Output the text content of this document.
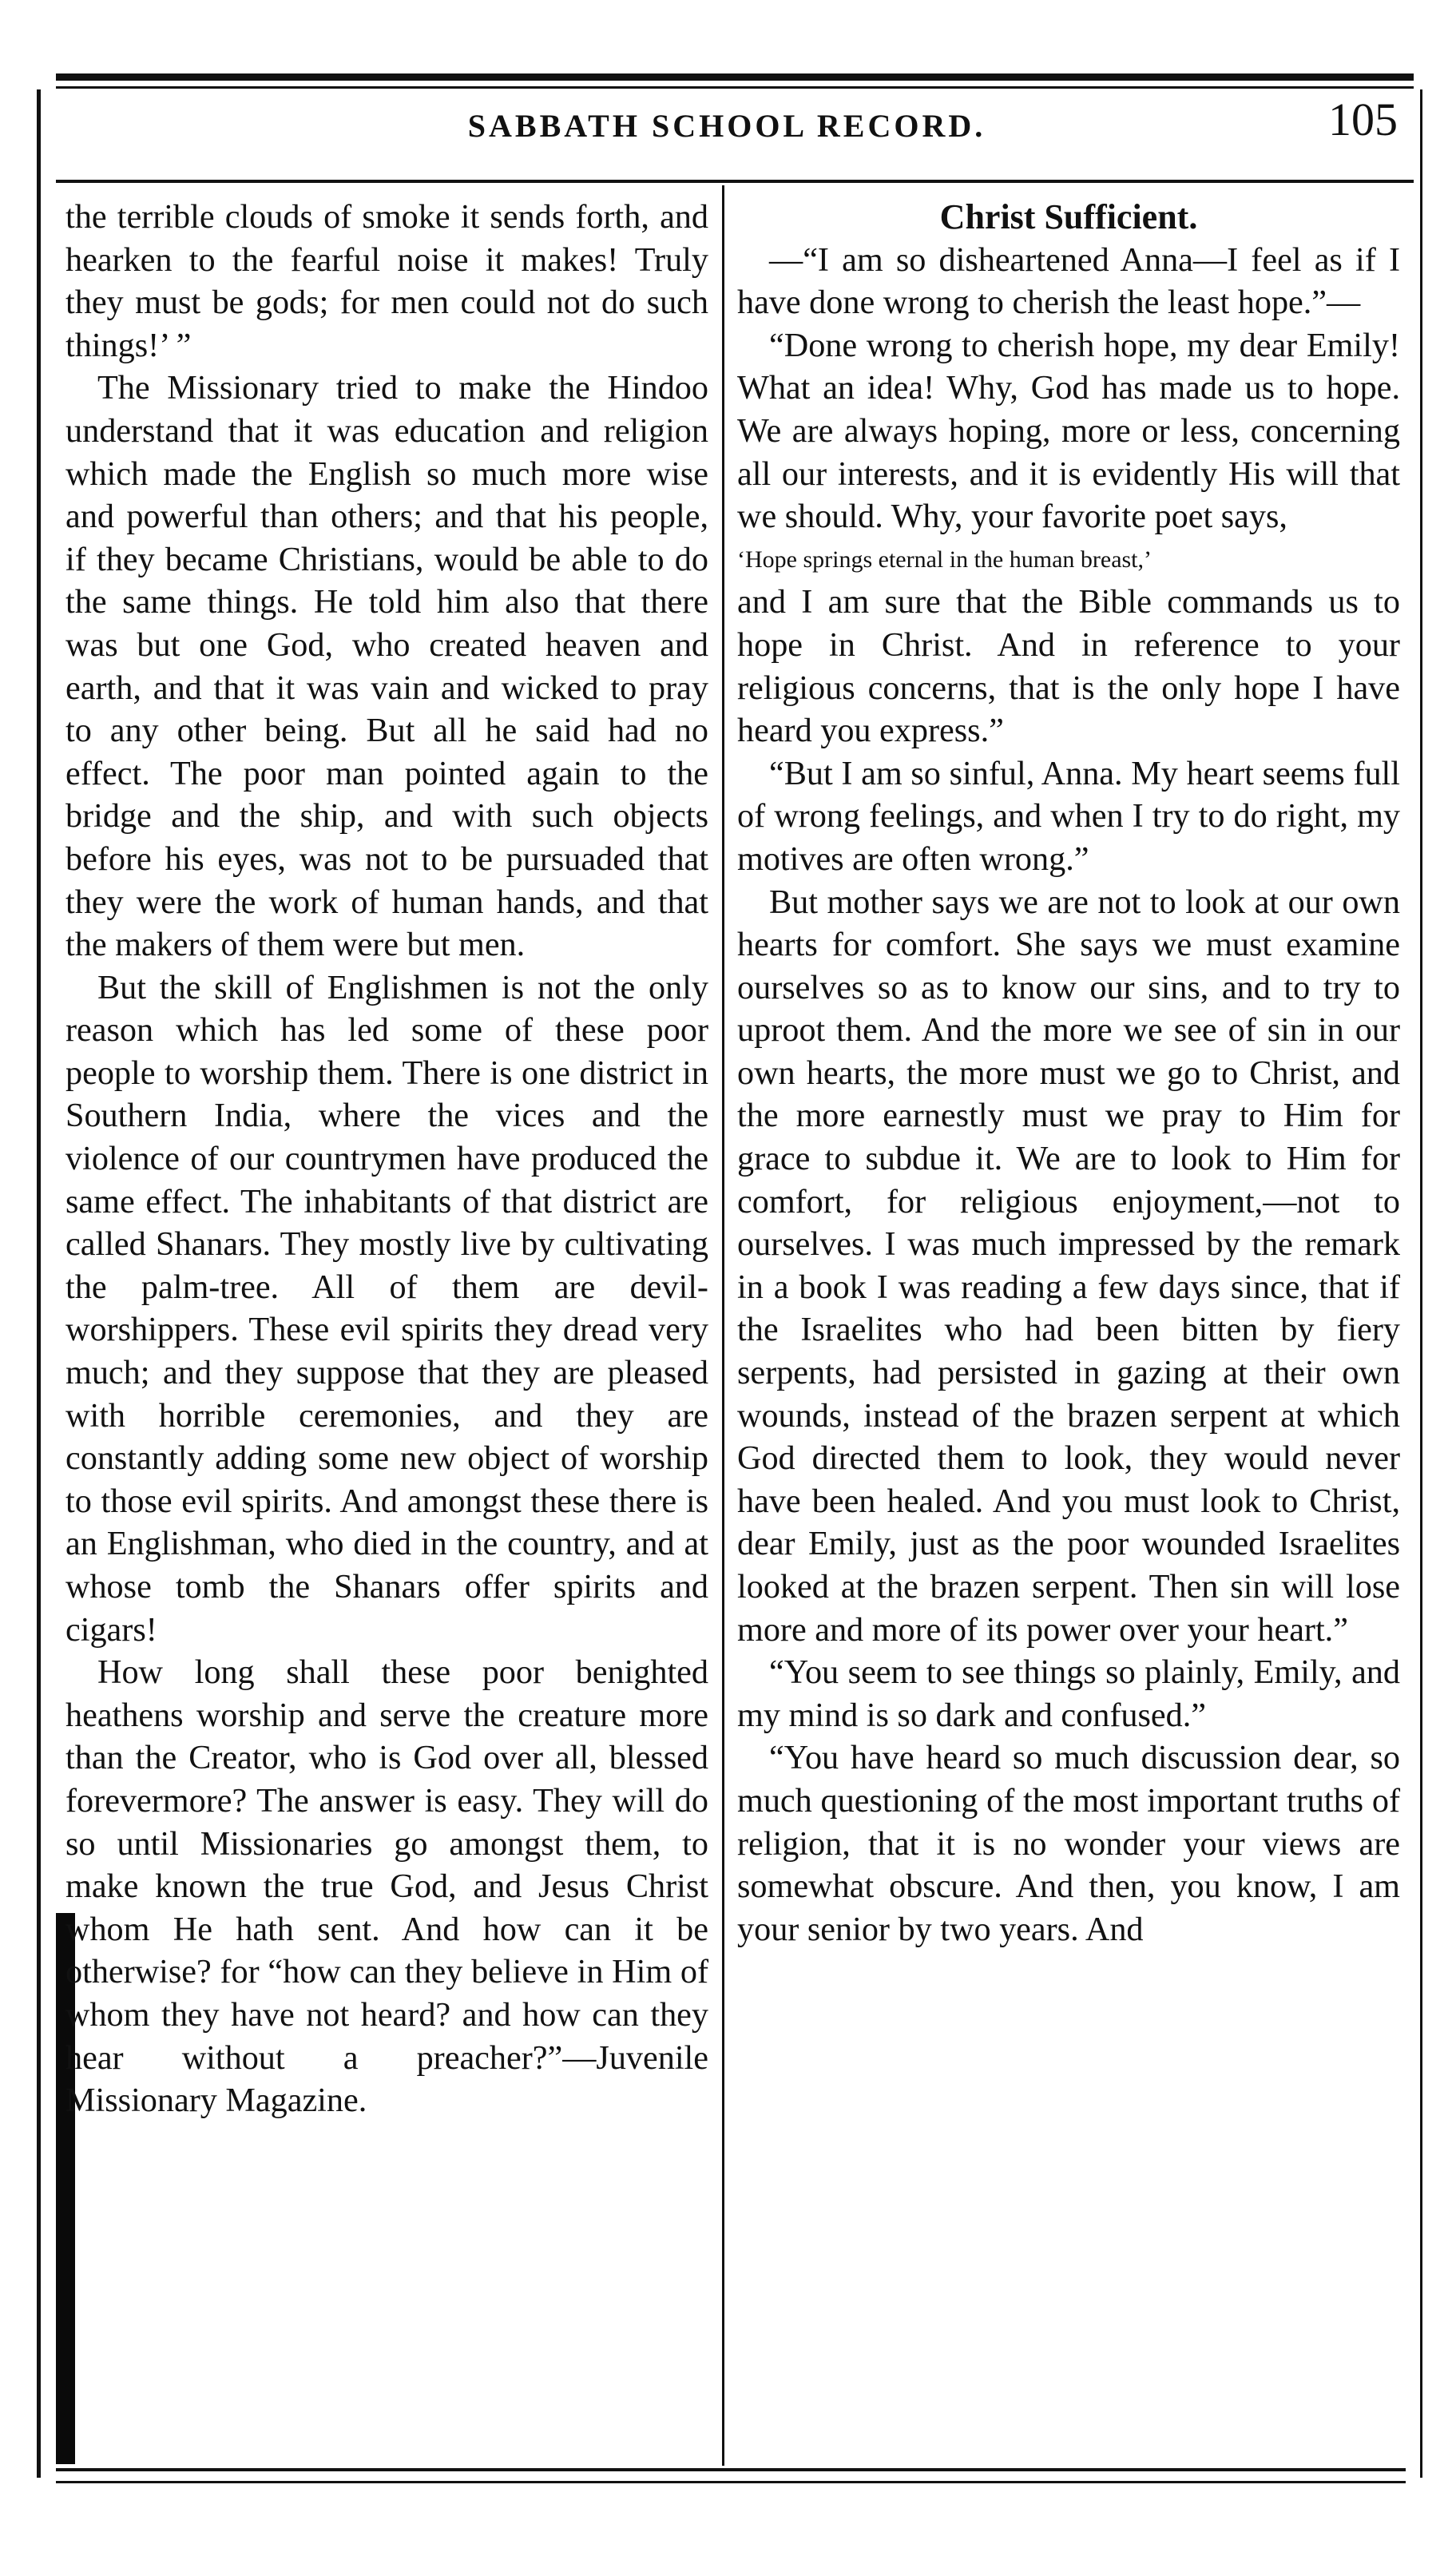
SABBATH SCHOOL RECORD.	105

the terrible clouds of smoke it sends forth, and hearken to the fearful noise it makes! Truly they must be gods; for men could not do such things!’ ”

The Missionary tried to make the Hindoo understand that it was education and religion which made the English so much more wise and powerful than others; and that his people, if they became Christians, would be able to do the same things. He told him also that there was but one God, who created heaven and earth, and that it was vain and wicked to pray to any other being. But all he said had no effect. The poor man pointed again to the bridge and the ship, and with such objects before his eyes, was not to be pursuaded that they were the work of human hands, and that the makers of them were but men.

But the skill of Englishmen is not the only reason which has led some of these poor people to worship them. There is one district in Southern India, where the vices and the violence of our countrymen have produced the same effect. The inhabitants of that district are called Shanars. They mostly live by cultivating the palm-tree. All of them are devil-worshippers. These evil spirits they dread very much; and they suppose that they are pleased with horrible ceremonies, and they are constantly adding some new object of worship to those evil spirits. And amongst these there is an Englishman, who died in the country, and at whose tomb the Shanars offer spirits and cigars!

How long shall these poor benighted heathens worship and serve the creature more than the Creator, who is God over all, blessed forevermore? The answer is easy. They will do so until Missionaries go amongst them, to make known the true God, and Jesus Christ whom He hath sent. And how can it be otherwise? for “how can they believe in Him of whom they have not heard? and how can they hear without a preacher?”—Juvenile Missionary Magazine.

Christ Sufficient.

—“I am so disheartened Anna—I feel as if I have done wrong to cherish the least hope.”—

“Done wrong to cherish hope, my dear Emily! What an idea! Why, God has made us to hope. We are always hoping, more or less, concerning all our interests, and it is evidently His will that we should. Why, your favorite poet says,

‘Hope springs eternal in the human breast,’

and I am sure that the Bible commands us to hope in Christ. And in reference to your religious concerns, that is the only hope I have heard you express.”

“But I am so sinful, Anna. My heart seems full of wrong feelings, and when I try to do right, my motives are often wrong.”

But mother says we are not to look at our own hearts for comfort. She says we must examine ourselves so as to know our sins, and to try to uproot them. And the more we see of sin in our own hearts, the more must we go to Christ, and the more earnestly must we pray to Him for grace to subdue it. We are to look to Him for comfort, for religious enjoyment,—not to ourselves. I was much impressed by the remark in a book I was reading a few days since, that if the Israelites who had been bitten by fiery serpents, had persisted in gazing at their own wounds, instead of the brazen serpent at which God directed them to look, they would never have been healed. And you must look to Christ, dear Emily, just as the poor wounded Israelites looked at the brazen serpent. Then sin will lose more and more of its power over your heart.”

“You seem to see things so plainly, Emily, and my mind is so dark and confused.”

“You have heard so much discussion dear, so much questioning of the most important truths of religion, that it is no wonder your views are somewhat obscure. And then, you know, I am your senior by two years. And
